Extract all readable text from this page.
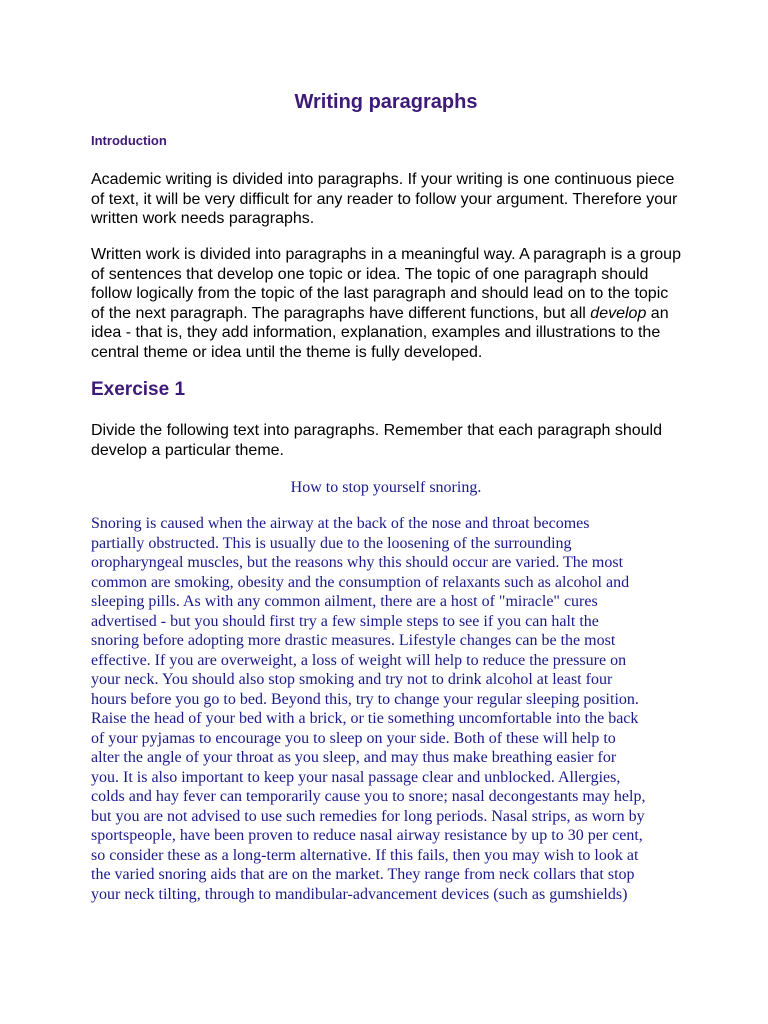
Writing paragraphs
Introduction

Academic writing is divided into paragraphs. If your writing is one continuous piece of text, it will be very difficult for any reader to follow your argument. Therefore your written work needs paragraphs.

Written work is divided into paragraphs in a meaningful way. A paragraph is a group of sentences that develop one topic or idea. The topic of one paragraph should follow logically from the topic of the last paragraph and should lead on to the topic of the next paragraph. The paragraphs have different functions, but all develop an idea - that is, they add information, explanation, examples and illustrations to the central theme or idea until the theme is fully developed.

Exercise 1

Divide the following text into paragraphs. Remember that each paragraph should develop a particular theme.

How to stop yourself snoring.

Snoring is caused when the airway at the back of the nose and throat becomes
partially obstructed. This is usually due to the loosening of the surrounding
oropharyngeal muscles, but the reasons why this should occur are varied. The most
common are smoking, obesity and the consumption of relaxants such as alcohol and
sleeping pills. As with any common ailment, there are a host of "miracle" cures
advertised - but you should first try a few simple steps to see if you can halt the
snoring before adopting more drastic measures. Lifestyle changes can be the most
effective. If you are overweight, a loss of weight will help to reduce the pressure on
your neck. You should also stop smoking and try not to drink alcohol at least four
hours before you go to bed. Beyond this, try to change your regular sleeping position.
Raise the head of your bed with a brick, or tie something uncomfortable into the back
of your pyjamas to encourage you to sleep on your side. Both of these will help to
alter the angle of your throat as you sleep, and may thus make breathing easier for
you. It is also important to keep your nasal passage clear and unblocked. Allergies,
colds and hay fever can temporarily cause you to snore; nasal decongestants may help,
but you are not advised to use such remedies for long periods. Nasal strips, as worn by
sportspeople, have been proven to reduce nasal airway resistance by up to 30 per cent,
so consider these as a long-term alternative. If this fails, then you may wish to look at
the varied snoring aids that are on the market. They range from neck collars that stop
your neck tilting, through to mandibular-advancement devices (such as gumshields)
